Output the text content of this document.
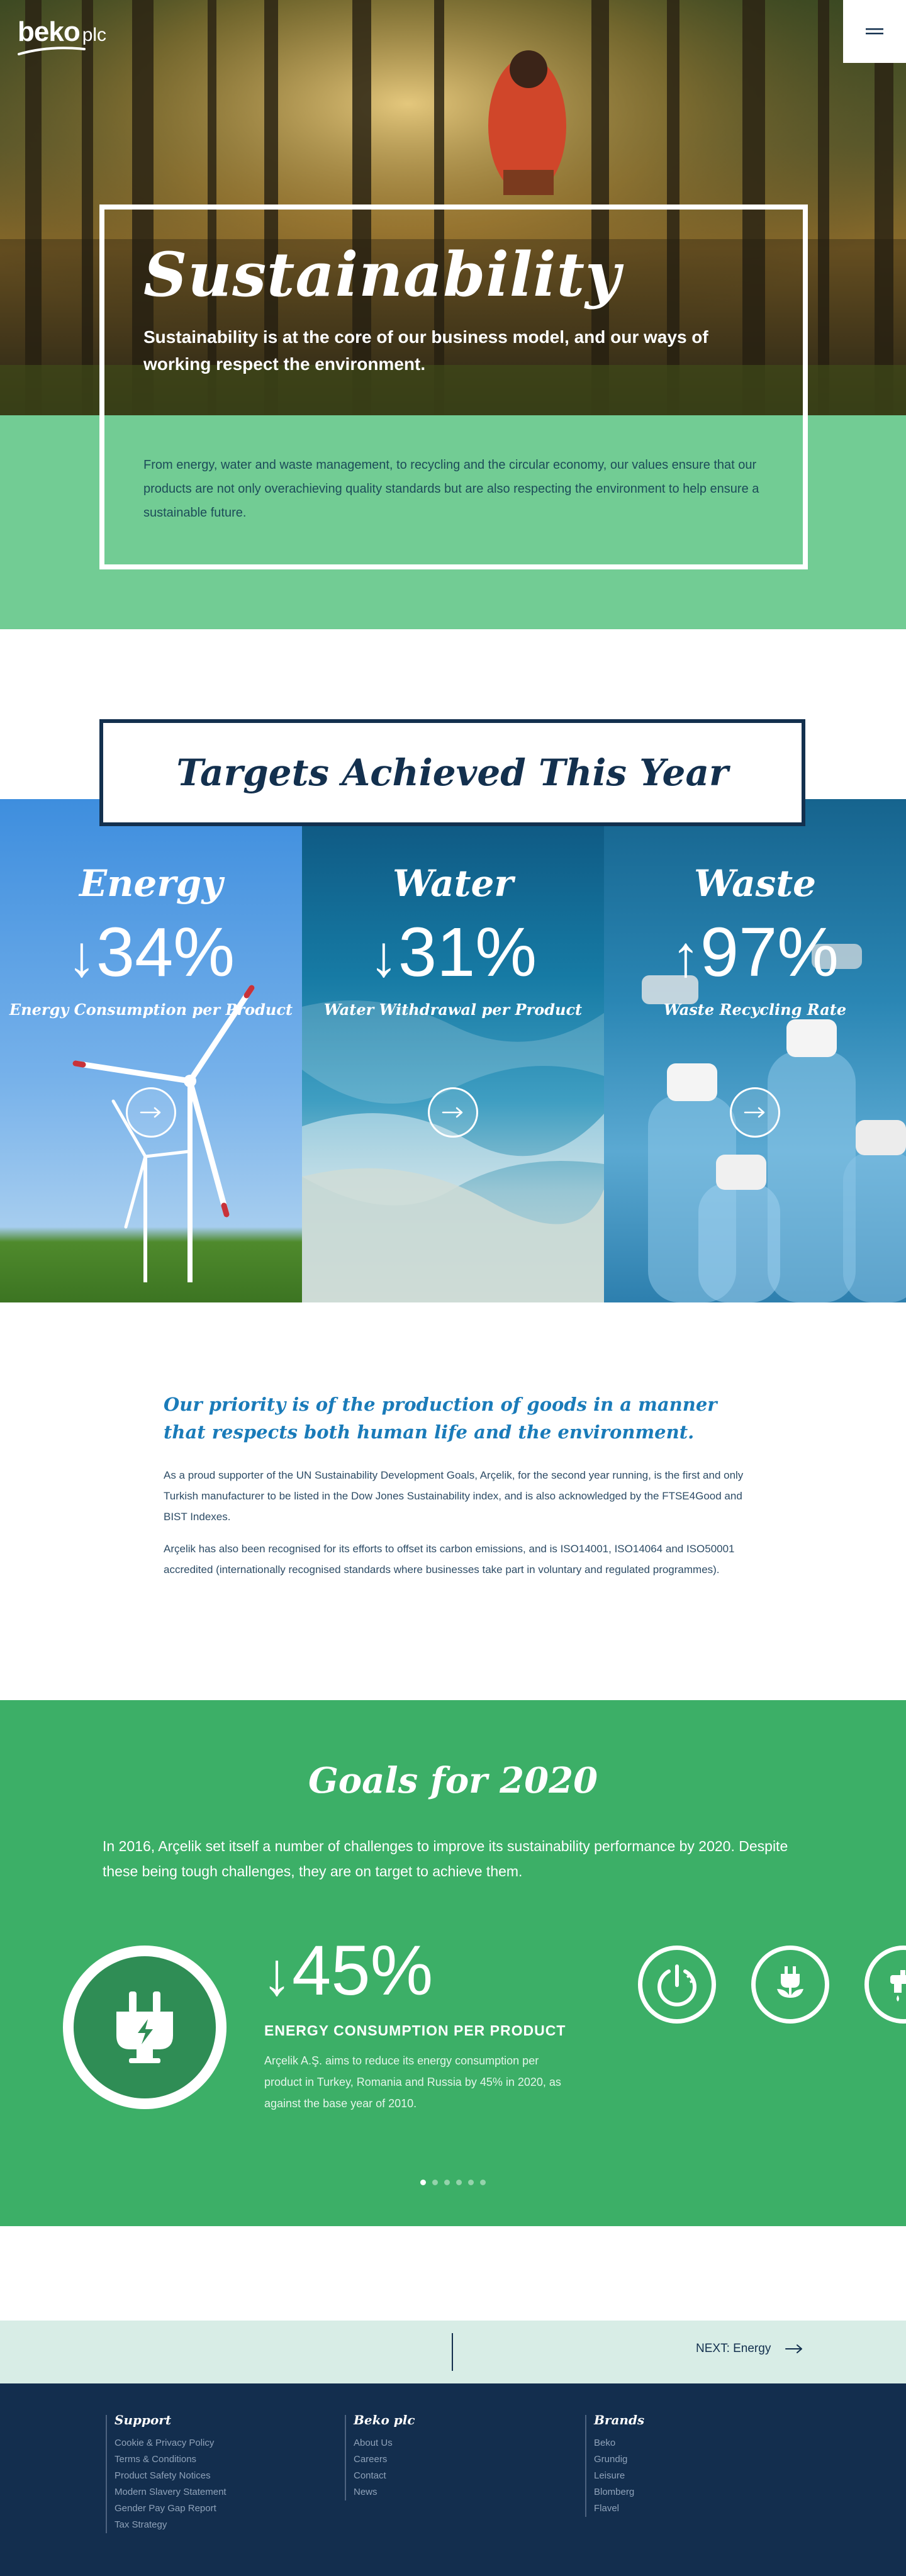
beko plc
Sustainability

Sustainability is at the core of our business model, and our ways of working respect the environment.

From energy, water and waste management, to recycling and the circular economy, our values ensure that our products are not only overachieving quality standards but are also respecting the environment to help ensure a sustainable future.

Targets Achieved This Year
Energy
↓34%
Energy Consumption per Product
Water
↓31%
Water Withdrawal per Product
Waste
↑97%
Waste Recycling Rate
Our priority is of the production of goods in a manner that respects both human life and the environment.

As a proud supporter of the UN Sustainability Development Goals, Arçelik, for the second year running, is the first and only Turkish manufacturer to be listed in the Dow Jones Sustainability index, and is also acknowledged by the FTSE4Good and BIST Indexes.

Arçelik has also been recognised for its efforts to offset its carbon emissions, and is ISO14001, ISO14064 and ISO50001 accredited (internationally recognised standards where businesses take part in voluntary and regulated programmes).

Goals for 2020

In 2016, Arçelik set itself a number of challenges to improve its sustainability performance by 2020. Despite these being tough challenges, they are on target to achieve them.

↓45%
ENERGY CONSUMPTION PER PRODUCT

Arçelik A.Ş. aims to reduce its energy consumption per product in Turkey, Romania and Russia by 45% in 2020, as against the base year of 2010.

NEXT: Energy
Support
Cookie & Privacy Policy
Terms & Conditions
Product Safety Notices
Modern Slavery Statement
Gender Pay Gap Report
Tax Strategy
Beko plc
About Us
Careers
Contact
News
Brands
Beko
Grundig
Leisure
Blomberg
Flavel
